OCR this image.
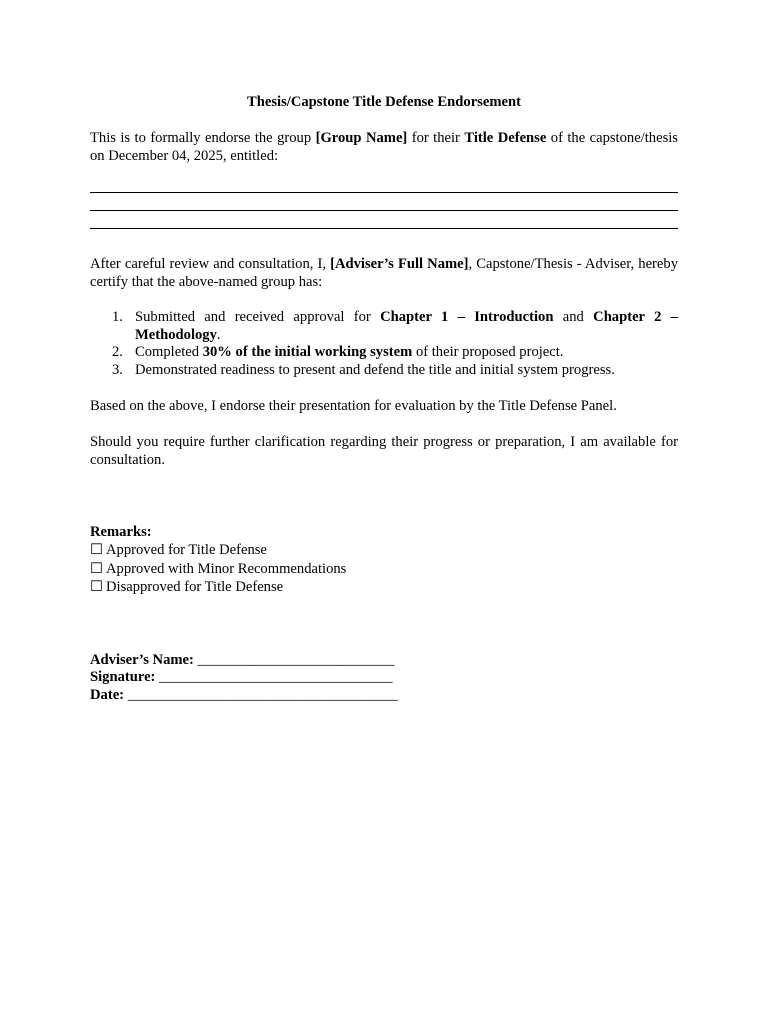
Thesis/Capstone Title Defense Endorsement

This is to formally endorse the group [Group Name] for their Title Defense of the capstone/thesis on December 04, 2025, entitled:

After careful review and consultation, I, [Adviser’s Full Name], Capstone/Thesis - Adviser, hereby certify that the above-named group has:

1. Submitted and received approval for Chapter 1 – Introduction and Chapter 2 – Methodology.
2. Completed 30% of the initial working system of their proposed project.
3. Demonstrated readiness to present and defend the title and initial system progress.

Based on the above, I endorse their presentation for evaluation by the Title Defense Panel.

Should you require further clarification regarding their progress or preparation, I am available for consultation.

Remarks:
☐ Approved for Title Defense
☐ Approved with Minor Recommendations
☐ Disapproved for Title Defense
Adviser’s Name: ___________________________
Signature: ________________________________
Date: _____________________________________
